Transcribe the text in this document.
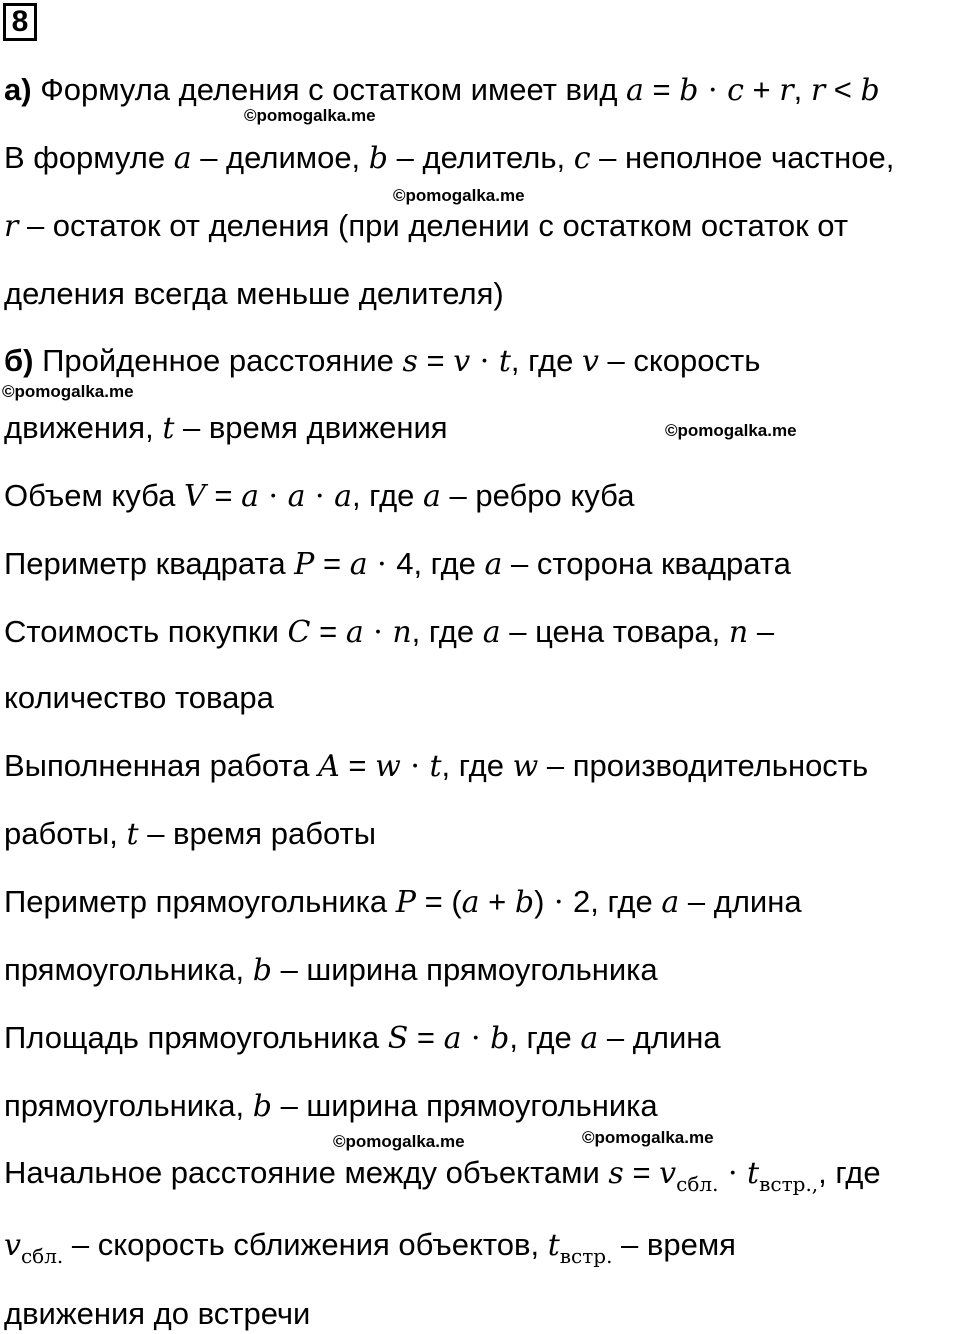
8
а) Формула деления с остатком имеет вид a = b · c + r, r < b
©pomogalka.me
В формуле a – делимое, b – делитель, c – неполное частное,
©pomogalka.me
r – остаток от деления (при делении с остатком остаток от
деления всегда меньше делителя)
б) Пройденное расстояние s = v · t, где v – скорость
©pomogalka.me
движения, t – время движения	©pomogalka.me
Объем куба V = a · a · a, где a – ребро куба
Периметр квадрата P = a · 4, где a – сторона квадрата
Стоимость покупки C = a · n, где a – цена товара, n –
количество товара
Выполненная работа A = w · t, где w – производительность
работы, t – время работы
Периметр прямоугольника P = (a + b) · 2, где a – длина
прямоугольника, b – ширина прямоугольника
Площадь прямоугольника S = a · b, где a – длина
прямоугольника, b – ширина прямоугольника
©pomogalka.me	©pomogalka.me
Начальное расстояние между объектами $s = v_{сбл.} \cdot t_{встр.,}$, где
$v_{сбл.}$ – скорость сближения объектов, $t_{встр.}$ – время
движения до встречи
